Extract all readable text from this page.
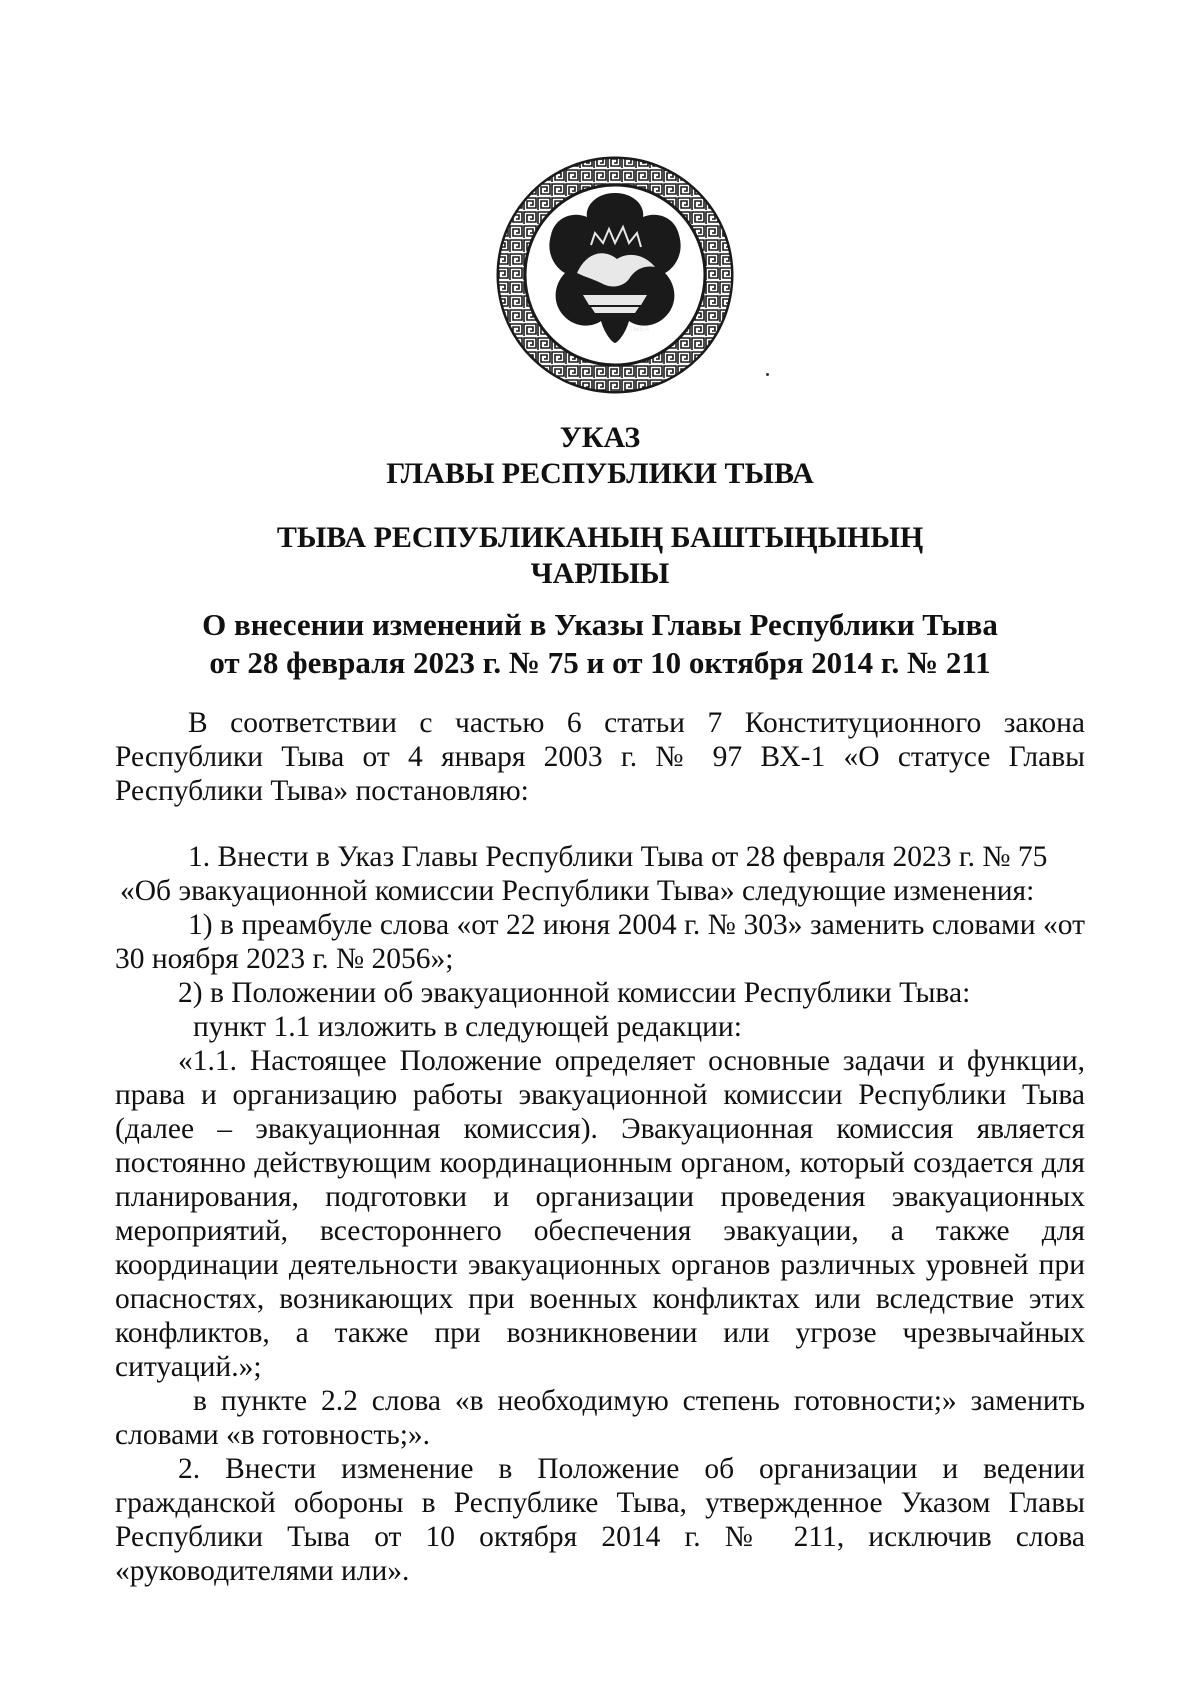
ТЫВА
УКАЗ
ГЛАВЫ РЕСПУБЛИКИ ТЫВА
ТЫВА РЕСПУБЛИКАНЫҢ БАШТЫҢЫНЫҢ
ЧАРЛЫЫ
О внесении изменений в Указы Главы Республики Тыва
от 28 февраля 2023 г. № 75 и от 10 октября 2014 г. № 211

В соответствии с частью 6 статьи 7 Конституционного закона Республики Тыва от 4 января 2003 г. № 97 ВХ-1 «О статусе Главы Республики Тыва» постановляю:

1. Внести в Указ Главы Республики Тыва от 28 февраля 2023 г. № 75

«Об эвакуационной комиссии Республики Тыва» следующие изменения:

1) в преамбуле слова «от 22 июня 2004 г. № 303» заменить словами «от 30 ноября 2023 г. № 2056»;

2) в Положении об эвакуационной комиссии Республики Тыва:

пункт 1.1 изложить в следующей редакции:

«1.1. Настоящее Положение определяет основные задачи и функции, права и организацию работы эвакуационной комиссии Республики Тыва (далее – эвакуационная комиссия). Эвакуационная комиссия является постоянно действующим координационным органом, который создается для планирования, подготовки и организации проведения эвакуационных мероприятий, всестороннего обеспечения эвакуации, а также для координации деятельности эвакуационных органов различных уровней при опасностях, возникающих при военных конфликтах или вследствие этих конфликтов, а также при возникновении или угрозе чрезвычайных ситуаций.»;

в пункте 2.2 слова «в необходимую степень готовности;» заменить словами «в готовность;».

2. Внести изменение в Положение об организации и ведении гражданской обороны в Республике Тыва, утвержденное Указом Главы Республики Тыва от 10 октября 2014 г. № 211, исключив слова «руководителями или».
